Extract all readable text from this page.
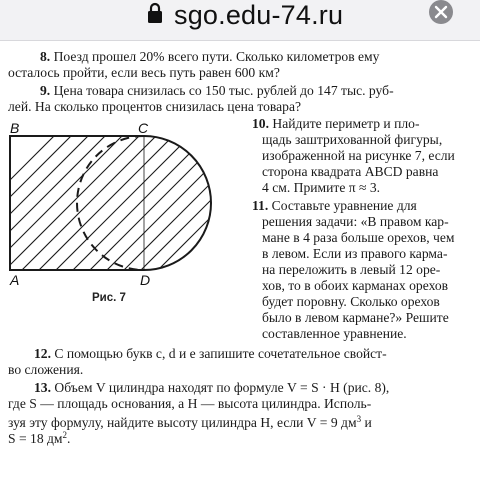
sgo.edu-74.ru
8. Поезд прошел 20% всего пути. Сколько километров ему
осталось пройти, если весь путь равен 600 км?
9. Цена товара снизилась со 150 тыс. рублей до 147 тыс. руб-
лей. На сколько процентов снизилась цена товара?
B	C
A	D
Рис. 7
10. Найдите периметр и пло-
щадь заштрихованной фигуры,
изображенной на рисунке 7, если
сторона квадрата ABCD равна
4 см. Примите π ≈ 3.
11. Составьте уравнение для
решения задачи: «В правом кар-
мане в 4 раза больше орехов, чем
в левом. Если из правого карма-
на переложить в левый 12 оре-
хов, то в обоих карманах орехов
будет поровну. Сколько орехов
было в левом кармане?» Решите
составленное уравнение.
12. С помощью букв c, d и e запишите сочетательное свойст-
во сложения.
13. Объем V цилиндра находят по формуле V = S · H (рис. 8),
где S — площадь основания, а H — высота цилиндра. Исполь-
зуя эту формулу, найдите высоту цилиндра H, если V = 9 $дм^3$ и
S = 18 $дм^2$.
